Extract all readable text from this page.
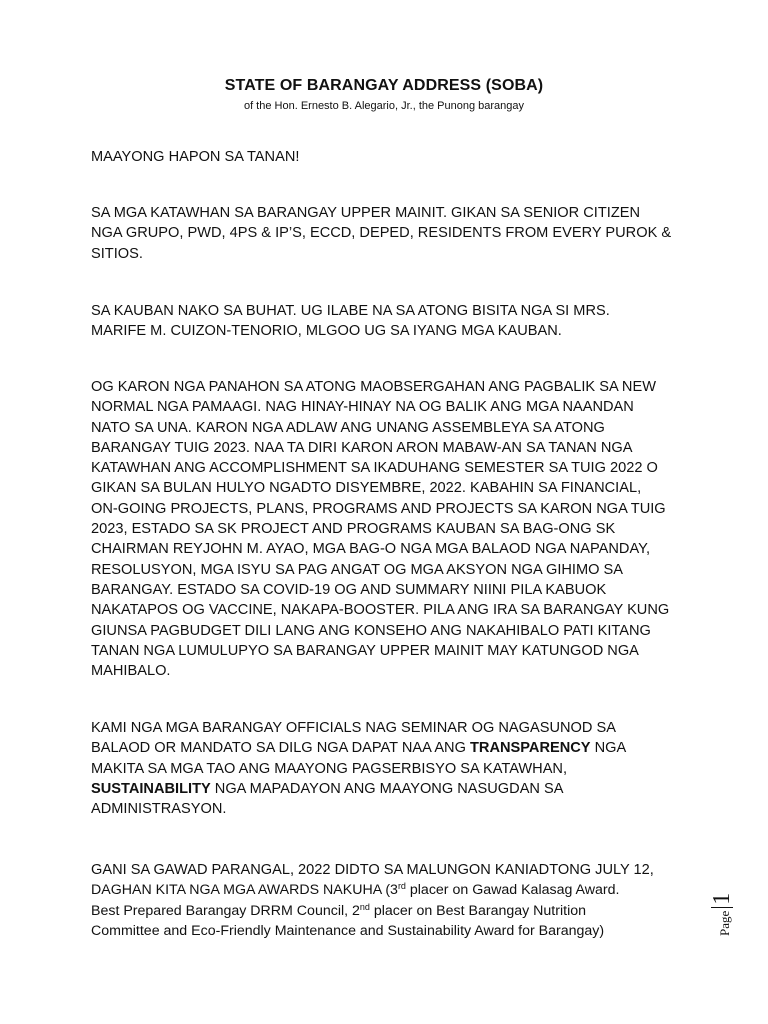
STATE OF BARANGAY ADDRESS (SOBA)
of the Hon. Ernesto B. Alegario, Jr., the Punong barangay

MAAYONG HAPON SA TANAN!

SA MGA KATAWHAN SA BARANGAY UPPER MAINIT. GIKAN SA SENIOR CITIZEN

NGA GRUPO, PWD, 4PS & IP’S, ECCD, DEPED, RESIDENTS FROM EVERY PUROK &

SITIOS.

SA KAUBAN NAKO SA BUHAT. UG ILABE NA SA ATONG BISITA NGA SI MRS.

MARIFE M. CUIZON-TENORIO, MLGOO UG SA IYANG MGA KAUBAN.

OG KARON NGA PANAHON SA ATONG MAOBSERGAHAN ANG PAGBALIK SA NEW

NORMAL NGA PAMAAGI. NAG HINAY-HINAY NA OG BALIK ANG MGA NAANDAN

NATO SA UNA. KARON NGA ADLAW ANG UNANG ASSEMBLEYA SA ATONG

BARANGAY TUIG 2023. NAA TA DIRI KARON ARON MABAW-AN SA TANAN NGA

KATAWHAN ANG ACCOMPLISHMENT SA IKADUHANG SEMESTER SA TUIG 2022 O

GIKAN SA BULAN HULYO NGADTO DISYEMBRE, 2022. KABAHIN SA FINANCIAL,

ON-GOING PROJECTS, PLANS, PROGRAMS AND PROJECTS SA KARON NGA TUIG

2023, ESTADO SA SK PROJECT AND PROGRAMS KAUBAN SA BAG-ONG SK

CHAIRMAN REYJOHN M. AYAO, MGA BAG-O NGA MGA BALAOD NGA NAPANDAY,

RESOLUSYON, MGA ISYU SA PAG ANGAT OG MGA AKSYON NGA GIHIMO SA

BARANGAY. ESTADO SA COVID-19 OG AND SUMMARY NIINI PILA KABUOK

NAKATAPOS OG VACCINE, NAKAPA-BOOSTER. PILA ANG IRA SA BARANGAY KUNG

GIUNSA PAGBUDGET DILI LANG ANG KONSEHO ANG NAKAHIBALO PATI KITANG

TANAN NGA LUMULUPYO SA BARANGAY UPPER MAINIT MAY KATUNGOD NGA

MAHIBALO.

KAMI NGA MGA BARANGAY OFFICIALS NAG SEMINAR OG NAGASUNOD SA

BALAOD OR MANDATO SA DILG NGA DAPAT NAA ANG TRANSPARENCY NGA

MAKITA SA MGA TAO ANG MAAYONG PAGSERBISYO SA KATAWHAN,

SUSTAINABILITY NGA MAPADAYON ANG MAAYONG NASUGDAN SA

ADMINISTRASYON.

GANI SA GAWAD PARANGAL, 2022 DIDTO SA MALUNGON KANIADTONG JULY 12,

DAGHAN KITA NGA MGA AWARDS NAKUHA (3rd placer on Gawad Kalasag Award.

Best Prepared Barangay DRRM Council, 2nd placer on Best Barangay Nutrition

Committee and Eco-Friendly Maintenance and Sustainability Award for Barangay)	Page
1
